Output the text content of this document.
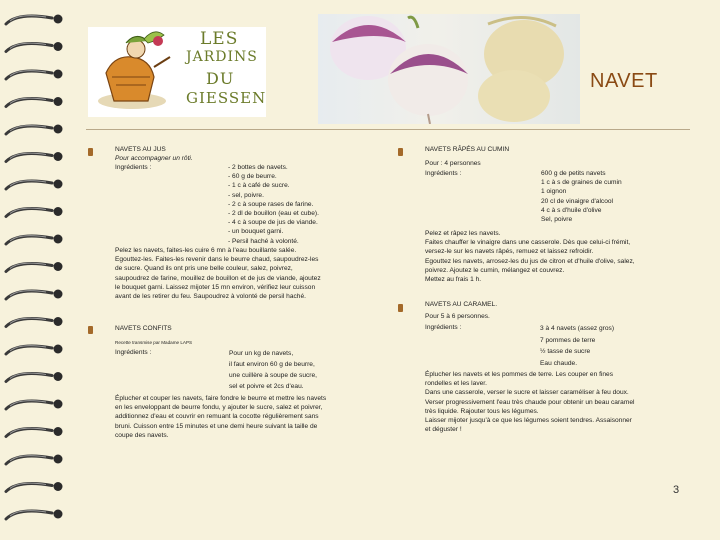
LES
JARDINS
DU
GIESSEN
NAVET
NAVETS AU JUS
Pour accompagner un rôti.
Ingrédients :	- 2 bottes de navets.
- 60 g de beurre.
- 1 c à café de sucre.
- sel, poivre.
- 2 c à soupe rases de farine.
- 2 dl de bouillon (eau et cube).
- 4 c à soupe de jus de viande.
- un bouquet garni.
- Persil haché à volonté.
Pelez les navets, faites-les cuire 6 mn à l'eau bouillante salée.
Egouttez-les. Faites-les revenir dans le beurre chaud, saupoudrez-les
de sucre. Quand ils ont pris une belle couleur, salez, poivrez,
saupoudrez de farine, mouillez de bouillon et de jus de viande, ajoutez
le bouquet garni. Laissez mijoter 15 mn environ, vérifiez leur cuisson
avant de les retirer du feu. Saupoudrez à volonté de persil haché.
NAVETS CONFITS
Recette transmise par Madame LAPS
Ingrédients :	Pour un kg de navets,
il faut environ 60 g de beurre,
une cuillère à soupe de sucre,
sel et poivre et 2cs d'eau.
Éplucher et couper les navets, faire fondre le beurre et mettre les navets
en les enveloppant de beurre fondu, y ajouter le sucre, salez et poivrer,
additionnez d'eau et couvrir en remuant la cocotte régulièrement sans
bruni. Cuisson entre 15 minutes et une demi heure suivant la taille de
coupe des navets.
NAVETS RÂPÉS AU CUMIN
Pour : 4 personnes
Ingrédients :	600 g de petits navets
1 c à s de graines de cumin
1 oignon
20 cl de vinaigre d'alcool
4 c à s d'huile d'olive
Sel, poivre
Pelez et râpez les navets.
Faites chauffer le vinaigre dans une casserole. Dès que celui-ci frémit,
versez-le sur les navets râpés, remuez et laissez refroidir.
Egouttez les navets, arrosez-les du jus de citron et d'huile d'olive, salez,
poivrez. Ajoutez le cumin, mélangez et couvrez.
Mettez au frais 1 h.
NAVETS AU CARAMEL.
Pour 5 à 6 personnes.
Ingrédients :	3 à 4 navets (assez gros)
7 pommes de terre
½ tasse de sucre
Eau chaude.
Éplucher les navets et les pommes de terre. Les couper en fines
rondelles et les laver.
Dans une casserole, verser le sucre et laisser caraméliser à feu doux.
Verser progressivement l'eau très chaude pour obtenir un beau caramel
très liquide. Rajouter tous les légumes.
Laisser mijoter jusqu'à ce que les légumes soient tendres. Assaisonner
et déguster !
3
